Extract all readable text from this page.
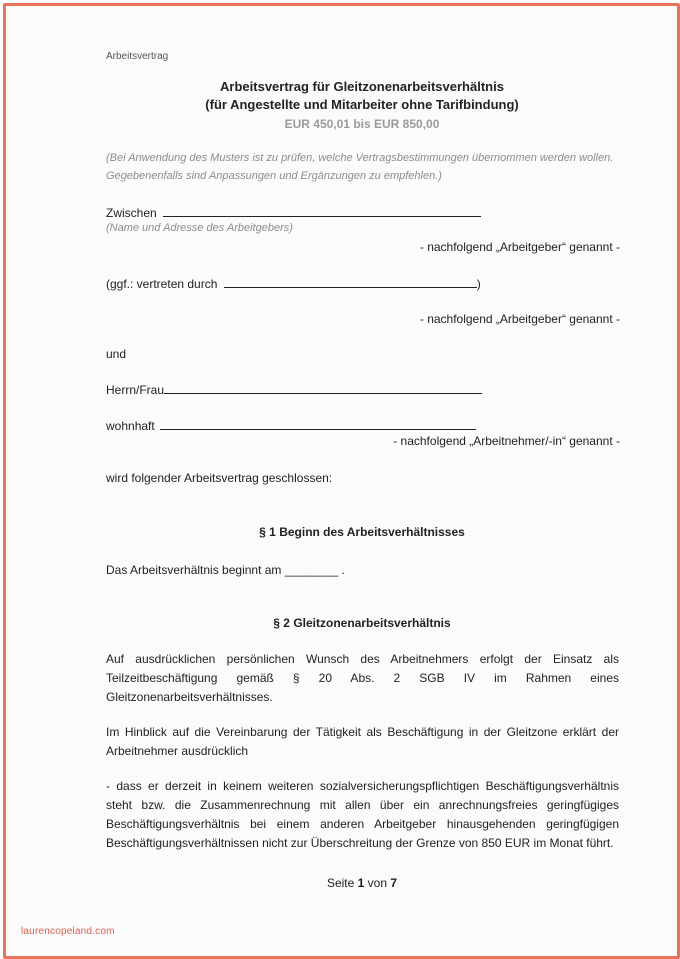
Arbeitsvertrag
Arbeitsvertrag für Gleitzonenarbeitsverhältnis
(für Angestellte und Mitarbeiter ohne Tarifbindung)
EUR 450,01 bis EUR 850,00
(Bei Anwendung des Musters ist zu prüfen, welche Vertragsbestimmungen übernommen werden wollen. Gegebenenfalls sind Anpassungen und Ergänzungen zu empfehlen.)
Zwischen
(Name und Adresse des Arbeitgebers)
- nachfolgend „Arbeitgeber“ genannt -
(ggf.: vertreten durch	)
- nachfolgend „Arbeitgeber“ genannt -
und
Herrn/Frau
wohnhaft
- nachfolgend „Arbeitnehmer/-in“ genannt -
wird folgender Arbeitsvertrag geschlossen:
§ 1 Beginn des Arbeitsverhältnisses
Das Arbeitsverhältnis beginnt am ________ .
§ 2 Gleitzonenarbeitsverhältnis
Auf ausdrücklichen persönlichen Wunsch des Arbeitnehmers erfolgt der Einsatz als Teilzeitbeschäftigung gemäß § 20 Abs. 2 SGB IV im Rahmen eines Gleitzonenarbeitsverhältnisses.
Im Hinblick auf die Vereinbarung der Tätigkeit als Beschäftigung in der Gleitzone erklärt der Arbeitnehmer ausdrücklich
- dass er derzeit in keinem weiteren sozialversicherungspflichtigen Beschäftigungsverhältnis steht bzw. die Zusammenrechnung mit allen über ein anrechnungsfreies geringfügiges Beschäftigungsverhältnis bei einem anderen Arbeitgeber hinausgehenden geringfügigen Beschäftigungsverhältnissen nicht zur Überschreitung der Grenze von 850 EUR im Monat führt.
Seite 1 von 7
laurencopeland.com
